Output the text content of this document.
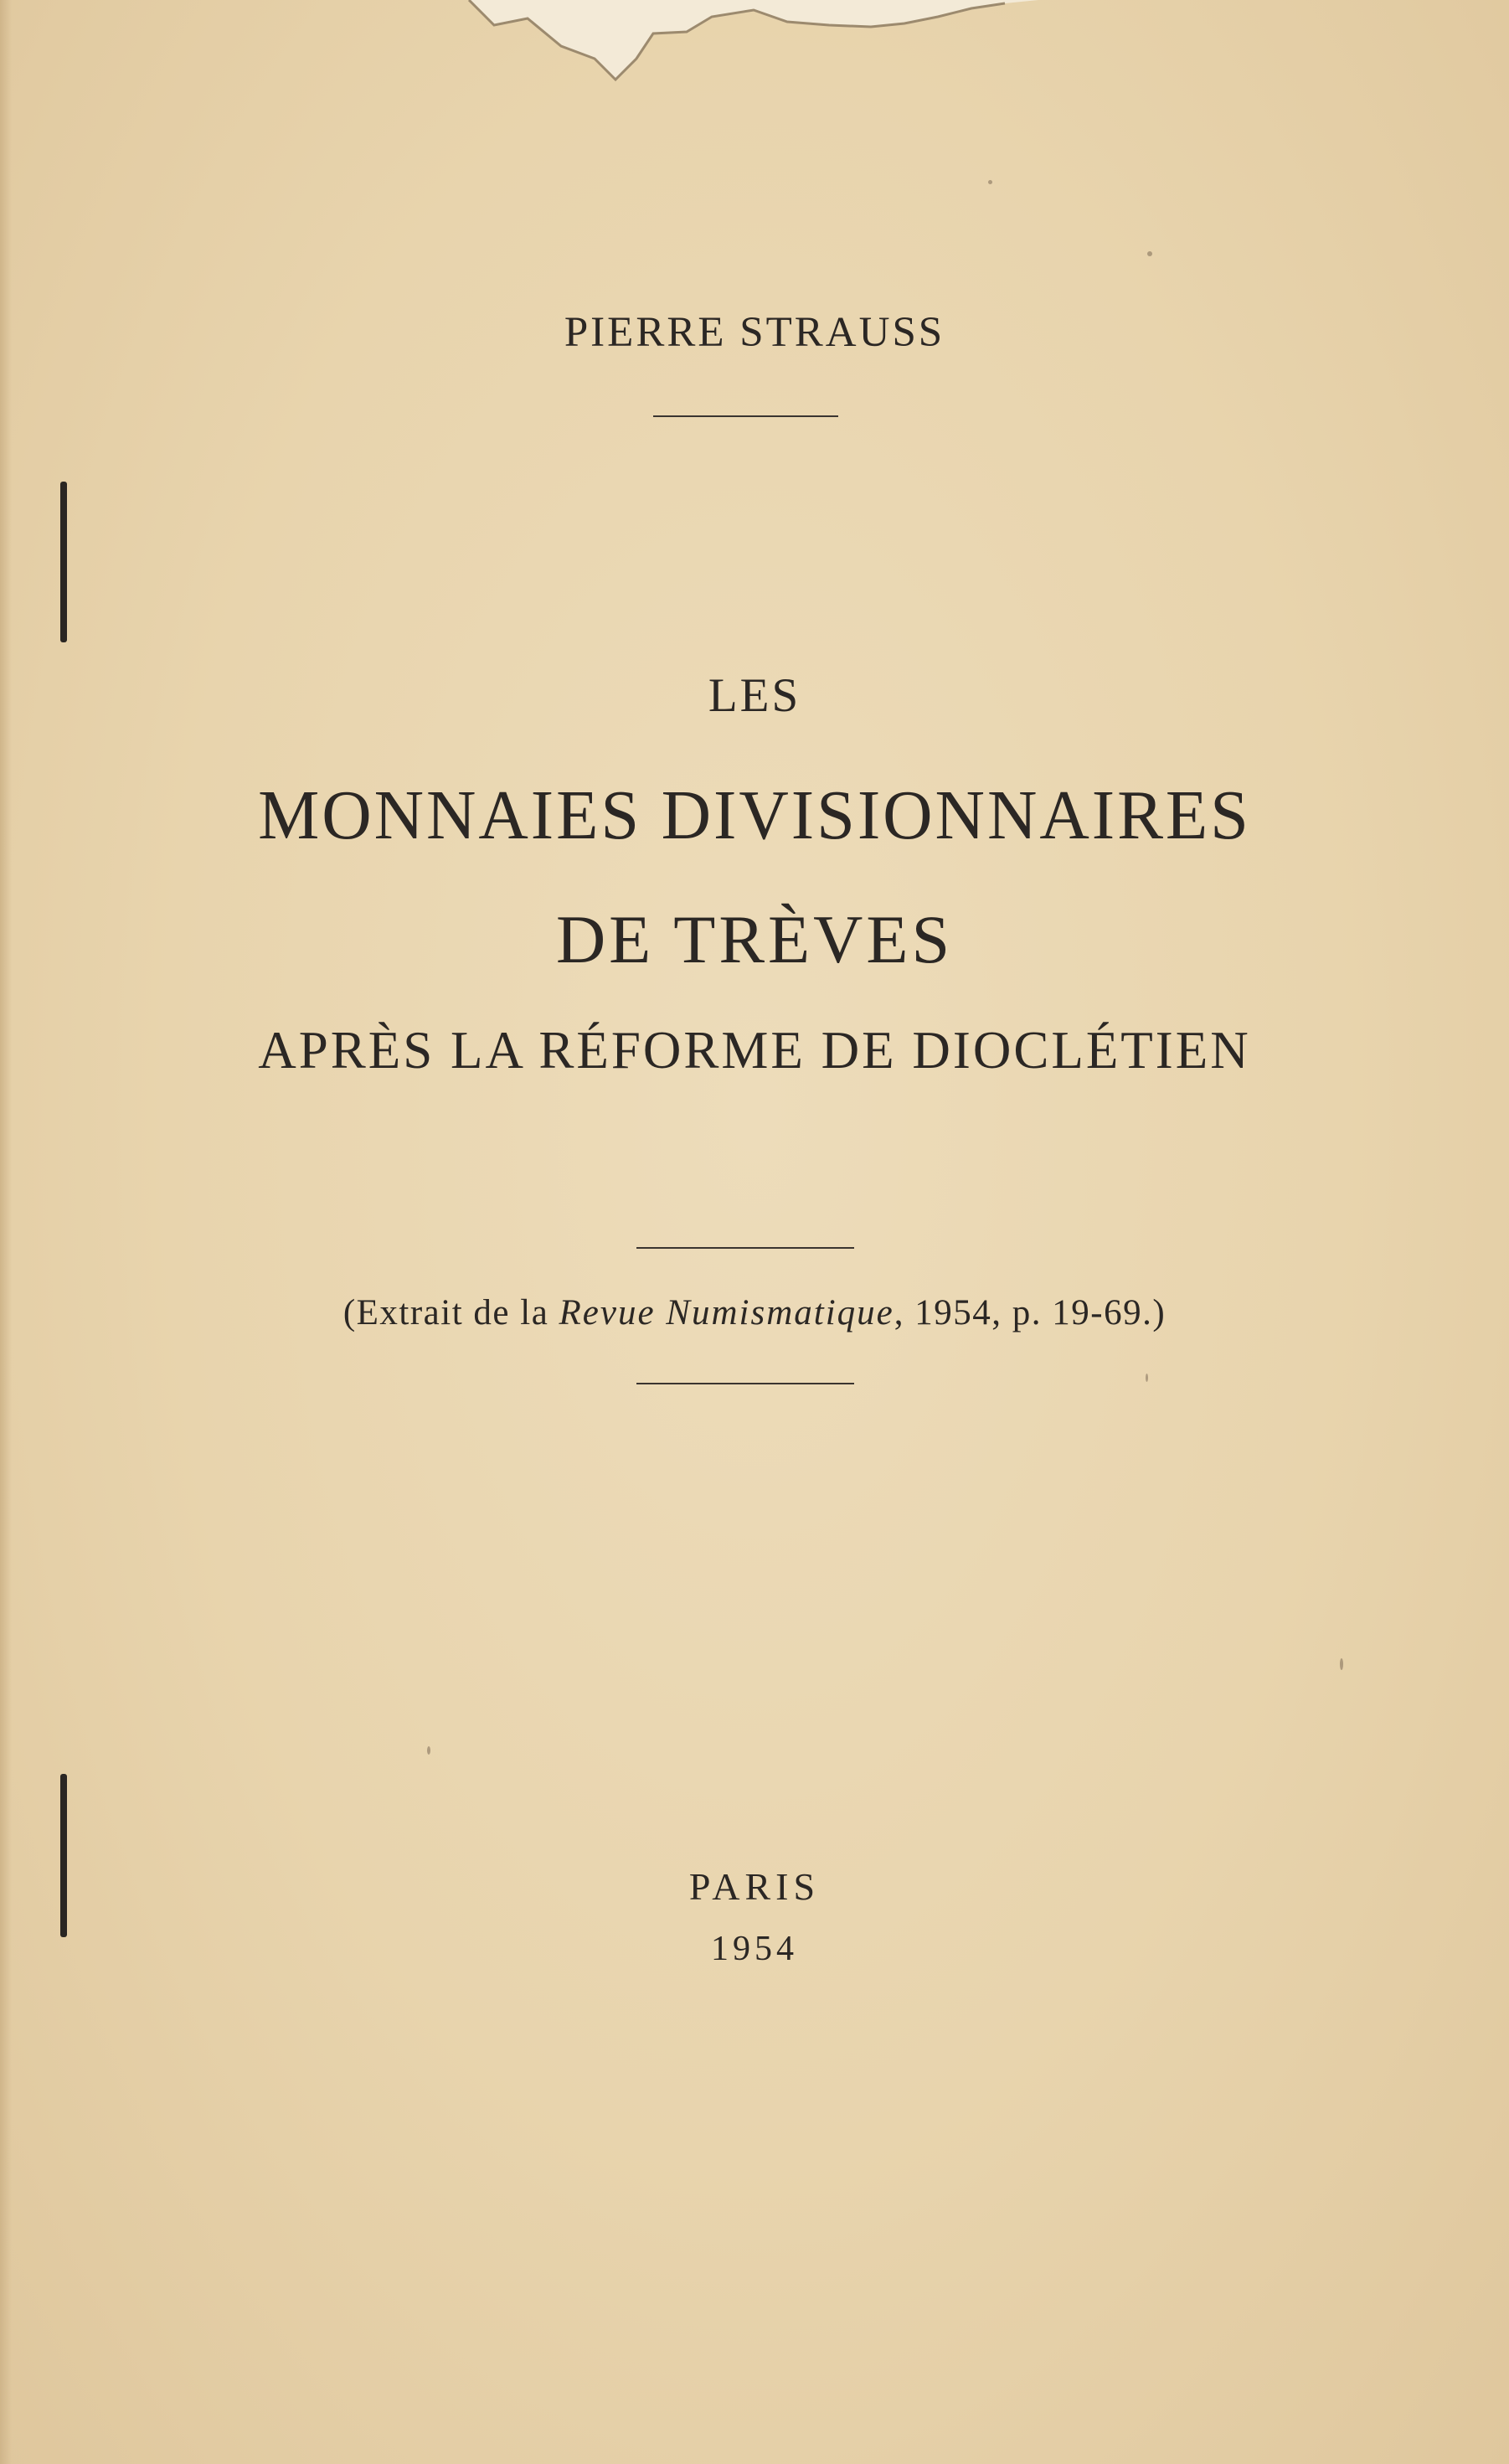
PIERRE STRAUSS

LES

MONNAIES DIVISIONNAIRES

DE TRÈVES

APRÈS LA RÉFORME DE DIOCLÉTIEN

(Extrait de la Revue Numismatique, 1954, p. 19-69.)

PARIS

1954
